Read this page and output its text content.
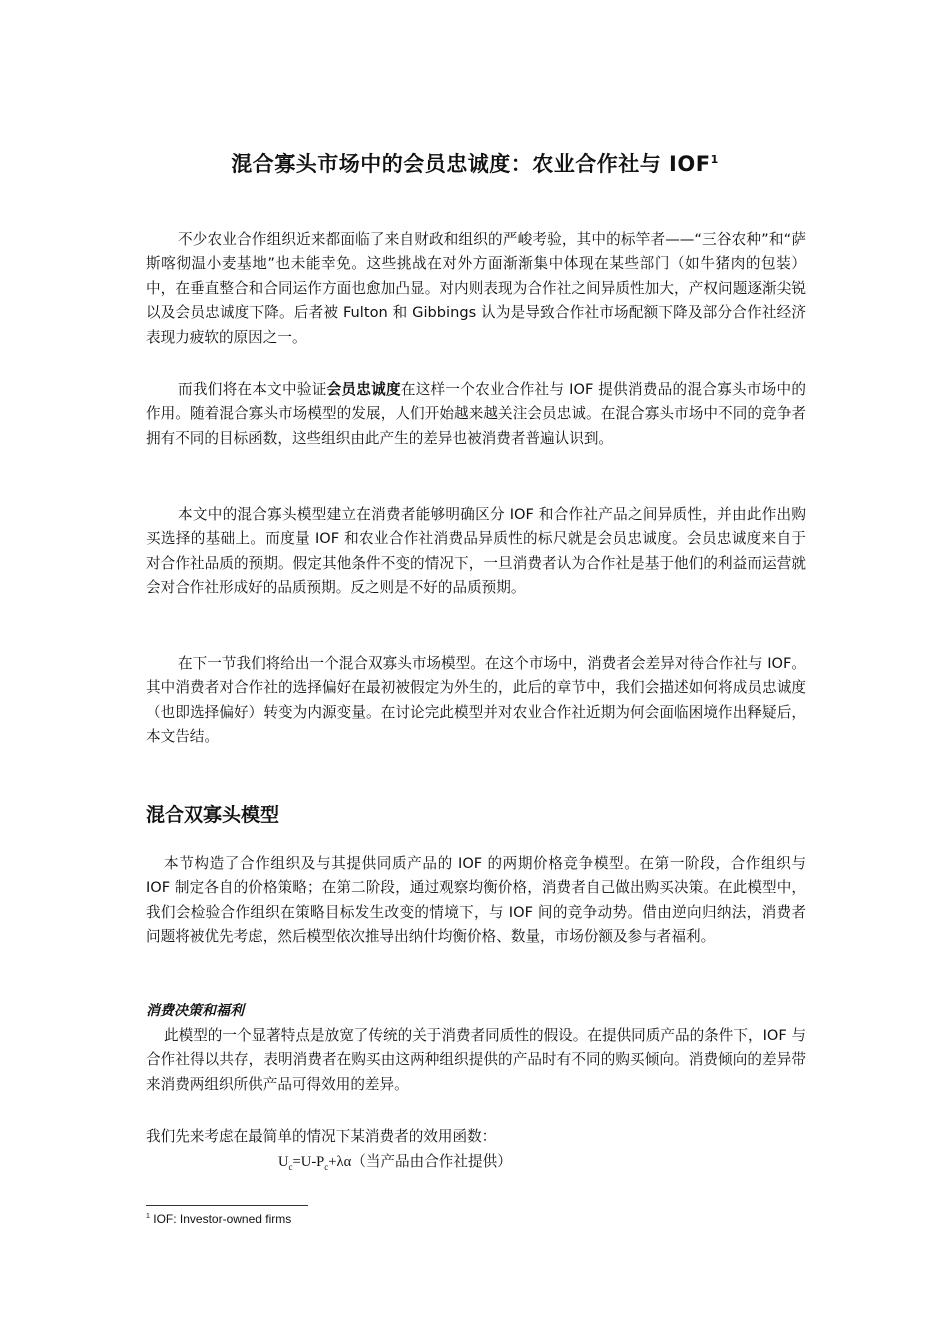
混合寡头市场中的会员忠诚度：农业合作社与 IOF$^1$

不少农业合作组织近来都面临了来自财政和组织的严峻考验，其中的标竿者——“三谷农种”和“萨斯喀彻温小麦基地”也未能幸免。这些挑战在对外方面渐渐集中体现在某些部门（如牛猪肉的包装）中，在垂直整合和合同运作方面也愈加凸显。对内则表现为合作社之间异质性加大，产权问题逐渐尖锐以及会员忠诚度下降。后者被 Fulton 和 Gibbings 认为是导致合作社市场配额下降及部分合作社经济表现力疲软的原因之一。

而我们将在本文中验证会员忠诚度在这样一个农业合作社与 IOF 提供消费品的混合寡头市场中的作用。随着混合寡头市场模型的发展，人们开始越来越关注会员忠诚。在混合寡头市场中不同的竞争者拥有不同的目标函数，这些组织由此产生的差异也被消费者普遍认识到。

本文中的混合寡头模型建立在消费者能够明确区分 IOF 和合作社产品之间异质性，并由此作出购买选择的基础上。而度量 IOF 和农业合作社消费品异质性的标尺就是会员忠诚度。会员忠诚度来自于对合作社品质的预期。假定其他条件不变的情况下，一旦消费者认为合作社是基于他们的利益而运营就会对合作社形成好的品质预期。反之则是不好的品质预期。

在下一节我们将给出一个混合双寡头市场模型。在这个市场中，消费者会差异对待合作社与 IOF。其中消费者对合作社的选择偏好在最初被假定为外生的，此后的章节中，我们会描述如何将成员忠诚度（也即选择偏好）转变为内源变量。在讨论完此模型并对农业合作社近期为何会面临困境作出释疑后，本文告结。

混合双寡头模型

本节构造了合作组织及与其提供同质产品的 IOF 的两期价格竞争模型。在第一阶段，合作组织与 IOF 制定各自的价格策略；在第二阶段，通过观察均衡价格，消费者自己做出购买决策。在此模型中，我们会检验合作组织在策略目标发生改变的情境下，与 IOF 间的竞争动势。借由逆向归纳法，消费者问题将被优先考虑，然后模型依次推导出纳什均衡价格、数量，市场份额及参与者福利。

消费决策和福利

此模型的一个显著特点是放宽了传统的关于消费者同质性的假设。在提供同质产品的条件下，IOF 与合作社得以共存，表明消费者在购买由这两种组织提供的产品时有不同的购买倾向。消费倾向的差异带来消费两组织所供产品可得效用的差异。

我们先来考虑在最简单的情况下某消费者的效用函数：

$U_c=U-P_c+\lambda\alpha$（当产品由合作社提供）
$^1$ IOF: Investor-owned firms
